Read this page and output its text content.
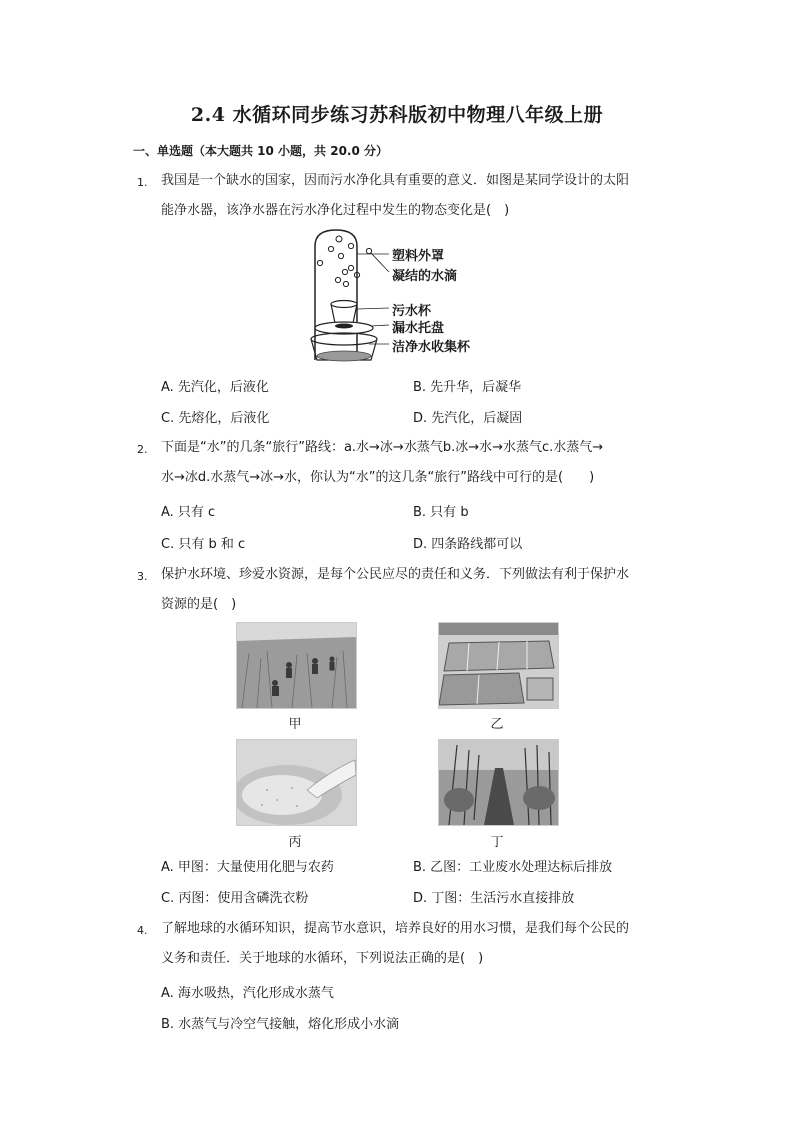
2.4 水循环同步练习苏科版初中物理八年级上册
一、单选题（本大题共 10 小题，共 20.0 分）
1. 我国是一个缺水的国家，因而污水净化具有重要的意义．如图是某同学设计的太阳
能净水器，该净水器在污水净化过程中发生的物态变化是(　)
塑料外罩
凝结的水滴
污水杯
漏水托盘
洁净水收集杯
A. 先汽化，后液化	B. 先升华，后凝华
C. 先熔化，后液化	D. 先汽化，后凝固
2. 下面是“水”的几条“旅行”路线：a.水→冰→水蒸气b.冰→水→水蒸气c.水蒸气→
水→冰d.水蒸气→冰→水，你认为“水”的这几条“旅行”路线中可行的是(　　)
A. 只有 c	B. 只有 b
C. 只有 b 和 c	D. 四条路线都可以
3. 保护水环境、珍爱水资源，是每个公民应尽的责任和义务．下列做法有利于保护水
资源的是(　)
甲	乙
丙	丁
A. 甲图：大量使用化肥与农药	B. 乙图：工业废水处理达标后排放
C. 丙图：使用含磷洗衣粉	D. 丁图：生活污水直接排放
4. 了解地球的水循环知识，提高节水意识，培养良好的用水习惯，是我们每个公民的
义务和责任．关于地球的水循环，下列说法正确的是(　)
A. 海水吸热，汽化形成水蒸气
B. 水蒸气与冷空气接触，熔化形成小水滴
